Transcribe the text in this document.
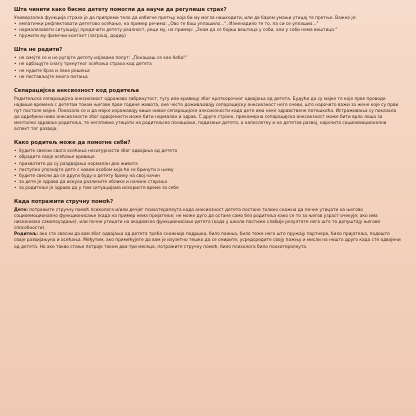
Шта чинити како бисмо детету помогли да научи да регулише страх?

Универзална функција страха је да припреми тело да избегне претњу која би му могла нашкодити, или да барем умањи утицај те претње. Важно је:

• емпатички рефлектовати дететово осећање, на пример речима: „Ово те баш уплашило...“, Изненадило те то, па си се уплашио...“
• нормализовати ситуацију; предочити детету реалност, реци му, на пример: „Знам да се бојиш вештица у соби, али у соби нема вештица.“
• пружити му физички контакт (загрљај, додир)
Шта не радити?
• не смејте се и не ругајте детету изјавама попут: „Понашаш се као беба!“
• не одбацујте снагу тренутног осећања страха код детета
• не нудите брза и лака решења
• не постављајте много питања
Сепарацијска анксиозност код родитеља

Родитељска сепарацијска анксиозност одражава забринутост, тугу или кривицу због краткорочног одвајања од детета. Будући да су мајке те које прве проводе највише времена с дететом током његове прве године живота, оне често доживљавају сепарацијску анксиозност него очеви, што нарочито важи за жене које су први пут постале мајке. Показало се и да мајке изражавају више нивое сепарацијске анксиозности када дете има неке здравствене потешкоћа. Истраживања су показала да одређени ниво анксиозности због одвојености може бити нормалан и здрав. С друге стране, прекомерна сепарацијска анксиозност може бити врло лоша за ментално здравље родитеља, те негативно утицати на родитељско понашање, подизање детета, а напослетку и на дететов развој, нарочито социоемоционални аспект тог развоја.

Како родитељ може да помогне себи?
• будите свесни свога осећања несигурности због одвајања од детета
• обрадите своје осећање кривице
• прихватите да су раздвајања нормалан део живота
• поступно упознајте дете с новом особом која ће се бринути о њему
• будите свесни да се други буду о детету брину на свој начин
• за дете је здраво да искуси различите облике и начине старања
• за родитеље је здраво да у тим ситуацијама искористе време за себе
Када потражити стручну помоћ?

Дете: потражите стручну помоћ психолога и/или дечјег психотерапеута када анксиозност детета постане толико снажна да почне утицати на његово социоемоционално функционисање (када на пример нема пријатеље; не може дуго да остане само без родитеља како се то за његов узраст очекује; ако има нисконизко самопоуздање), или почне утицати на академско функционисање детета (када у школи постиже слабије резултате него што то допуштају његове способности).

Родитељ: ако сте свесни да вам због одвајања од детета треба снажнија подршка, било пажња, било теже него што пружају партнера, било пријатеља, подоште сваје развијањуна и осећања. Међутим, ако примећујете да вам је изузетно тешко да се смирите, усредсредите своју пажњу и мисли на нешто друго када сте одвојени од детета. Но ако такво стање потраје током два-три месеца, потражите стручну помоћ, било психолога било психотерапеута.
